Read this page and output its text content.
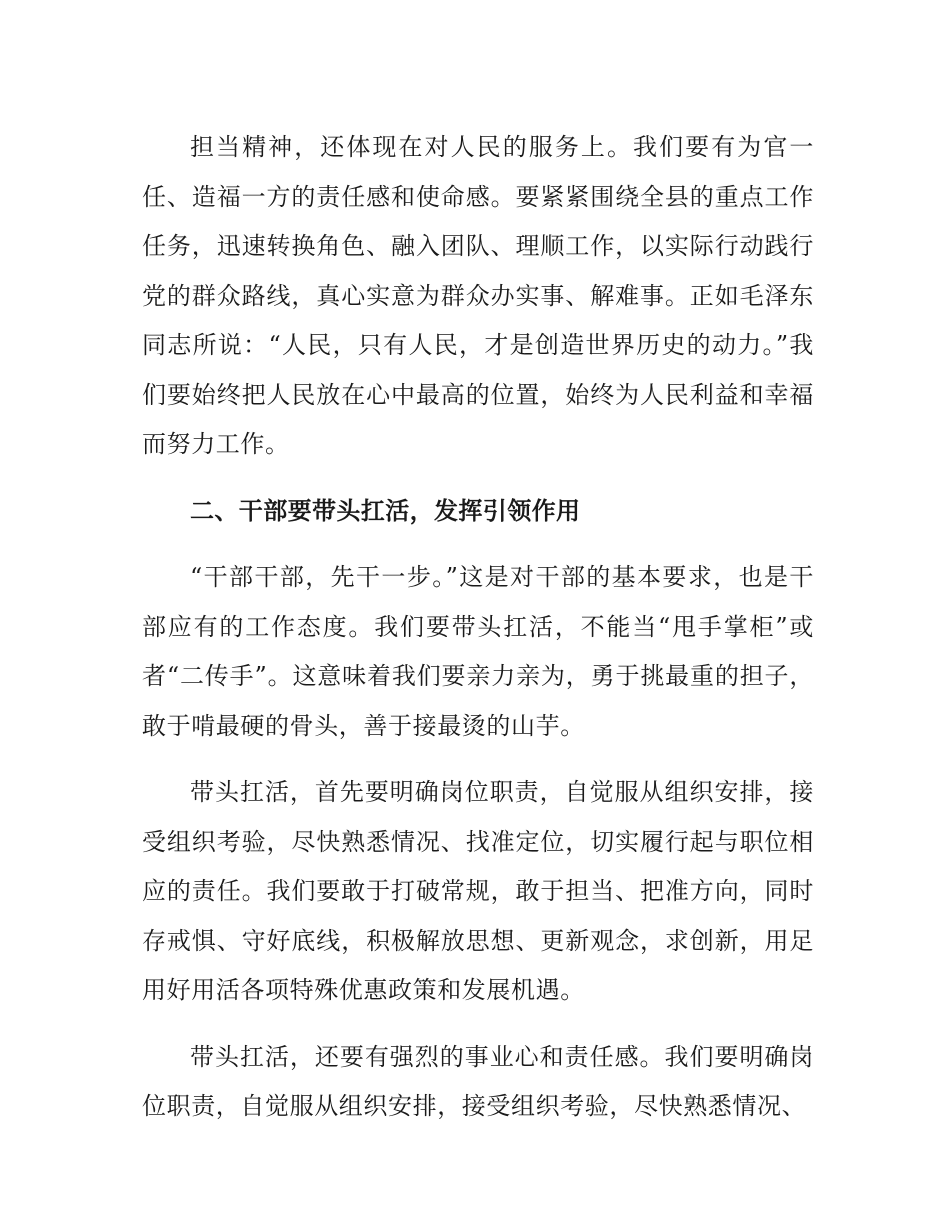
担当精神，还体现在对人民的服务上。我们要有为官一任、造福一方的责任感和使命感。要紧紧围绕全县的重点工作任务，迅速转换角色、融入团队、理顺工作，以实际行动践行党的群众路线，真心实意为群众办实事、解难事。正如毛泽东同志所说：“人民，只有人民，才是创造世界历史的动力。”我们要始终把人民放在心中最高的位置，始终为人民利益和幸福而努力工作。

二、干部要带头扛活，发挥引领作用

“干部干部，先干一步。”这是对干部的基本要求，也是干部应有的工作态度。我们要带头扛活，不能当“甩手掌柜”或者“二传手”。这意味着我们要亲力亲为，勇于挑最重的担子，敢于啃最硬的骨头，善于接最烫的山芋。

带头扛活，首先要明确岗位职责，自觉服从组织安排，接受组织考验，尽快熟悉情况、找准定位，切实履行起与职位相应的责任。我们要敢于打破常规，敢于担当、把准方向，同时存戒惧、守好底线，积极解放思想、更新观念，求创新，用足用好用活各项特殊优惠政策和发展机遇。

带头扛活，还要有强烈的事业心和责任感。我们要明确岗位职责，自觉服从组织安排，接受组织考验，尽快熟悉情况、
